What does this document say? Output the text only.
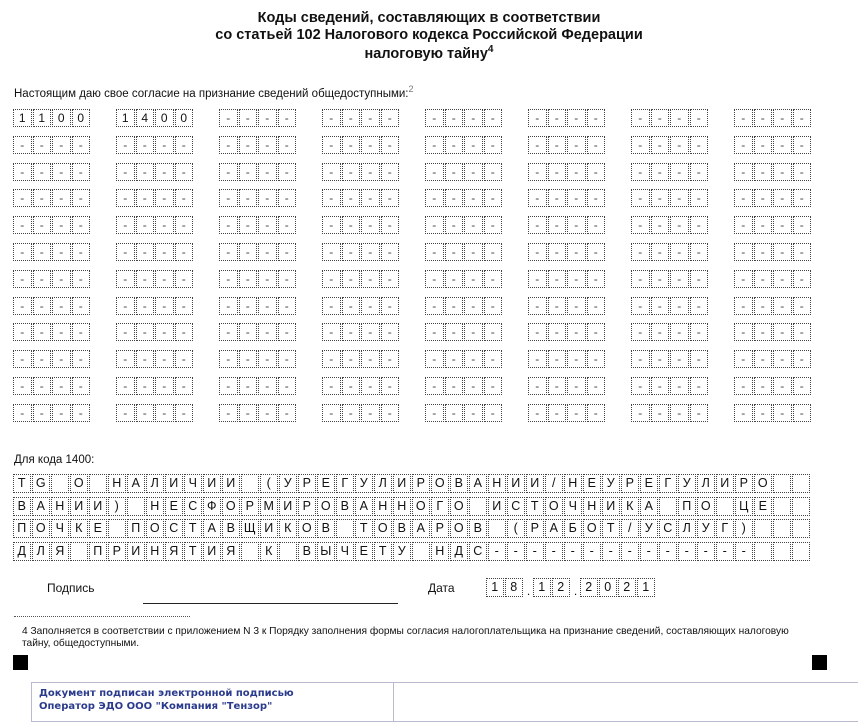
Коды сведений, составляющих в соответствии
со статьей 102 Налогового кодекса Российской Федерации
налоговую тайну$^4$
Настоящим даю свое согласие на признание сведений общедоступными:$^2$
1	1	0	0	1	4	0	0	-	-	-	-	-	-	-	-	-	-	-	-	-	-	-	-	-	-	-	-	-	-	-	-
-	-	-	-	-	-	-	-	-	-	-	-	-	-	-	-	-	-	-	-	-	-	-	-	-	-	-	-	-	-	-	-
-	-	-	-	-	-	-	-	-	-	-	-	-	-	-	-	-	-	-	-	-	-	-	-	-	-	-	-	-	-	-	-
-	-	-	-	-	-	-	-	-	-	-	-	-	-	-	-	-	-	-	-	-	-	-	-	-	-	-	-	-	-	-	-
-	-	-	-	-	-	-	-	-	-	-	-	-	-	-	-	-	-	-	-	-	-	-	-	-	-	-	-	-	-	-	-
-	-	-	-	-	-	-	-	-	-	-	-	-	-	-	-	-	-	-	-	-	-	-	-	-	-	-	-	-	-	-	-
-	-	-	-	-	-	-	-	-	-	-	-	-	-	-	-	-	-	-	-	-	-	-	-	-	-	-	-	-	-	-	-
-	-	-	-	-	-	-	-	-	-	-	-	-	-	-	-	-	-	-	-	-	-	-	-	-	-	-	-	-	-	-	-
-	-	-	-	-	-	-	-	-	-	-	-	-	-	-	-	-	-	-	-	-	-	-	-	-	-	-	-	-	-	-	-
-	-	-	-	-	-	-	-	-	-	-	-	-	-	-	-	-	-	-	-	-	-	-	-	-	-	-	-	-	-	-	-
-	-	-	-	-	-	-	-	-	-	-	-	-	-	-	-	-	-	-	-	-	-	-	-	-	-	-	-	-	-	-	-
-	-	-	-	-	-	-	-	-	-	-	-	-	-	-	-	-	-	-	-	-	-	-	-	-	-	-	-	-	-	-	-
Для кода 1400:
T G	О	Н А Л И Ч И И	(	У Р Е Г У Л И Р О В А Н И И	/	Н Е У Р Е Г У Л И Р О
В А Н И И )	Н Е С Ф О Р М И Р О В А Н Н О Г О	И С Т О Ч Н И К А	П О	Ц Е
П О Ч К Е	П О С Т А В Щ И К О В	Т О В А Р О В	(	Р А Б О Т	/	У С Л У Г	)
Д Л Я	П Р И Н Я Т И Я	К	В Ы Ч Е Т У	Н Д С -	-	-	-	-	-	-	-	-	-	-	-	-	-
Подпись	Дата	1 8 . 1 2 . 2 0 2 1
4 Заполняется в соответствии с приложением N 3 к Порядку заполнения формы согласия налогоплательщика на признание сведений, составляющих налоговую тайну, общедоступными.
Документ подписан электронной подписью
Оператор ЭДО ООО "Компания "Тензор"
